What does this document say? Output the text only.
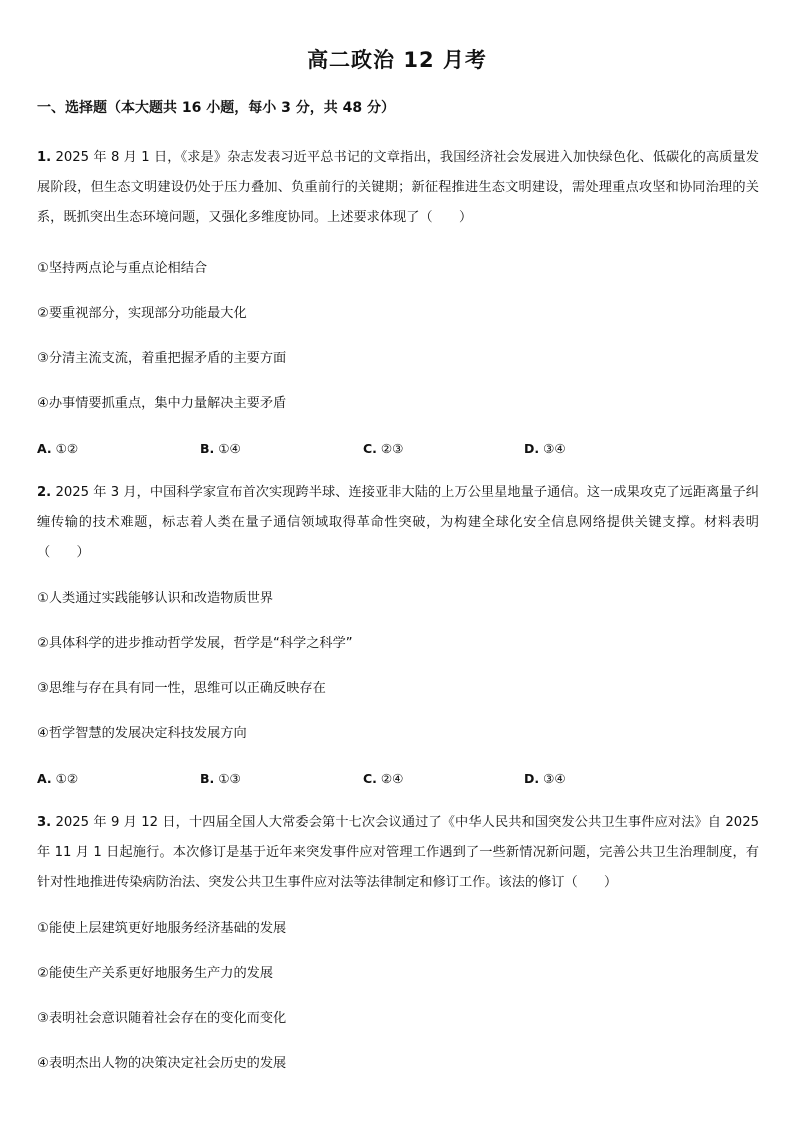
高二政治 12 月考
一、选择题（本大题共 16 小题，每小 3 分，共 48 分）
1. 2025 年 8 月 1 日，《求是》杂志发表习近平总书记的文章指出，我国经济社会发展进入加快绿色化、低碳化的高质量发展阶段，但生态文明建设仍处于压力叠加、负重前行的关键期；新征程推进生态文明建设，需处理重点攻坚和协同治理的关系，既抓突出生态环境问题，又强化多维度协同。上述要求体现了（　　）
①坚持两点论与重点论相结合
②要重视部分，实现部分功能最大化
③分清主流支流，着重把握矛盾的主要方面
④办事情要抓重点，集中力量解决主要矛盾
A. ①②	B. ①④	C. ②③	D. ③④
2. 2025 年 3 月，中国科学家宣布首次实现跨半球、连接亚非大陆的上万公里星地量子通信。这一成果攻克了远距离量子纠缠传输的技术难题，标志着人类在量子通信领域取得革命性突破，为构建全球化安全信息网络提供关键支撑。材料表明（　　）
①人类通过实践能够认识和改造物质世界
②具体科学的进步推动哲学发展，哲学是“科学之科学”
③思维与存在具有同一性，思维可以正确反映存在
④哲学智慧的发展决定科技发展方向
A. ①②	B. ①③	C. ②④	D. ③④
3. 2025 年 9 月 12 日，十四届全国人大常委会第十七次会议通过了《中华人民共和国突发公共卫生事件应对法》自 2025 年 11 月 1 日起施行。本次修订是基于近年来突发事件应对管理工作遇到了一些新情况新问题，完善公共卫生治理制度，有针对性地推进传染病防治法、突发公共卫生事件应对法等法律制定和修订工作。该法的修订（　　）
①能使上层建筑更好地服务经济基础的发展
②能使生产关系更好地服务生产力的发展
③表明社会意识随着社会存在的变化而变化
④表明杰出人物的决策决定社会历史的发展
